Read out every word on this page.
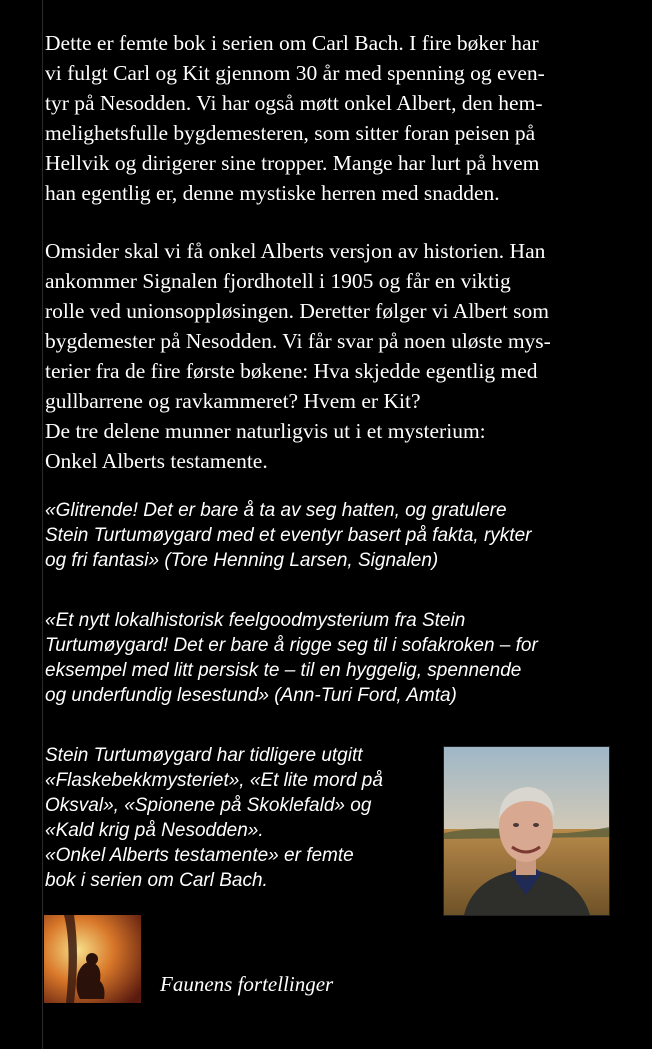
Dette er femte bok i serien om Carl Bach. I fire bøker har
vi fulgt Carl og Kit gjennom 30 år med spenning og even-
tyr på Nesodden. Vi har også møtt onkel Albert, den hem-
melighetsfulle bygdemesteren, som sitter foran peisen på
Hellvik og dirigerer sine tropper. Mange har lurt på hvem
han egentlig er, denne mystiske herren med snadden.
Omsider skal vi få onkel Alberts versjon av historien. Han
ankommer Signalen fjordhotell i 1905 og får en viktig
rolle ved unionsoppløsingen. Deretter følger vi Albert som
bygdemester på Nesodden. Vi får svar på noen uløste mys-
terier fra de fire første bøkene: Hva skjedde egentlig med
gullbarrene og ravkammeret? Hvem er Kit?
De tre delene munner naturligvis ut i et mysterium:
Onkel Alberts testamente.
«Glitrende! Det er bare å ta av seg hatten, og gratulere
Stein Turtumøygard med et eventyr basert på fakta, rykter
og fri fantasi» (Tore Henning Larsen, Signalen)
«Et nytt lokalhistorisk feelgoodmysterium fra Stein
Turtumøygard! Det er bare å rigge seg til i sofakroken – for
eksempel med litt persisk te – til en hyggelig, spennende
og underfundig lesestund» (Ann-Turi Ford, Amta)
Stein Turtumøygard har tidligere utgitt
«Flaskebekkmysteriet», «Et lite mord på
Oksval», «Spionene på Skoklefald» og
«Kald krig på Nesodden».
«Onkel Alberts testamente» er femte
bok i serien om Carl Bach.
Faunens fortellinger
